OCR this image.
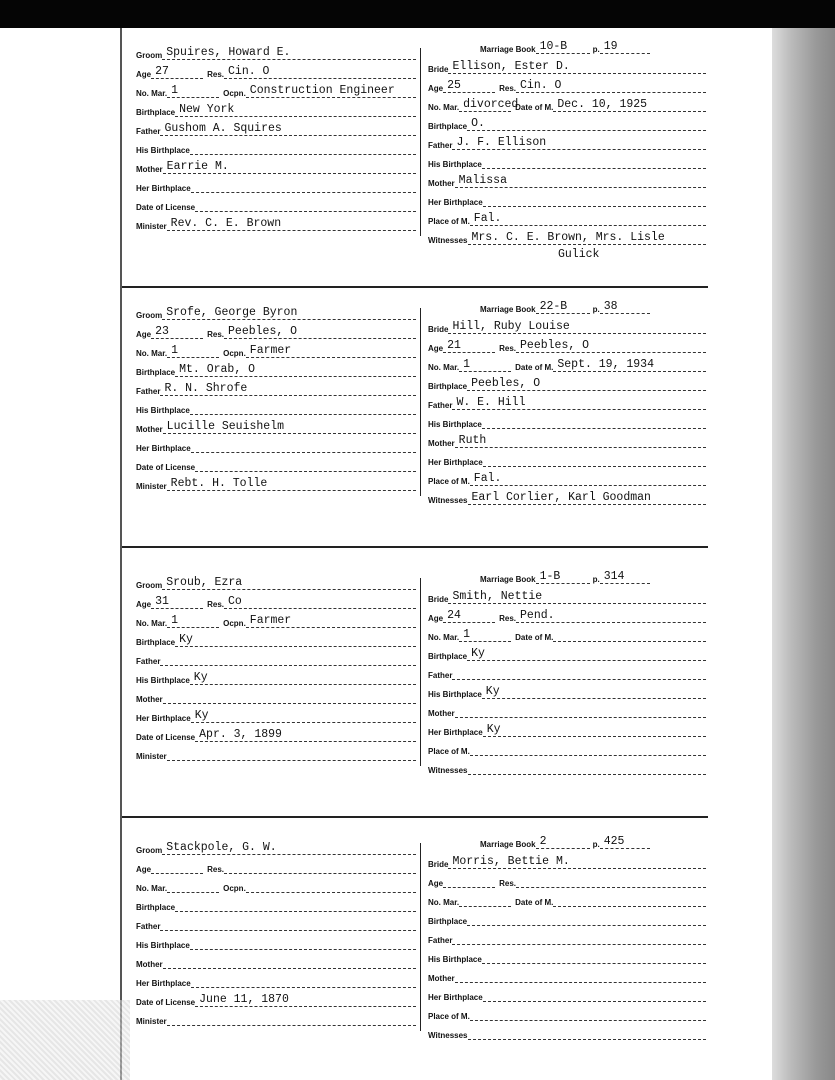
Groom Spuires, Howard E.
Age 27	Res. Cin. O
No. Mar. 1	Ocpn. Construction Engineer
Birthplace New York
Father Gushom A. Squires
His Birthplace
Mother Earrie M.
Her Birthplace
Date of License
Minister Rev. C. E. Brown
Marriage Book 10-B	p. 19
Bride Ellison, Ester D.
Age 25	Res. Cin. O
No. Mar. divorced
Date of M. Dec. 10, 1925
Birthplace O.
Father J. F. Ellison
His Birthplace
Mother Malissa
Her Birthplace
Place of M. Fal.
Witnesses Mrs. C. E. Brown, Mrs. Lisle
Gulick
Groom Srofe, George Byron
Age 23	Res. Peebles, O
No. Mar. 1	Ocpn. Farmer
Birthplace Mt. Orab, O
Father R. N. Shrofe
His Birthplace
Mother Lucille Seuishelm
Her Birthplace
Date of License
Minister Rebt. H. Tolle
Marriage Book 22-B	p. 38
Bride Hill, Ruby Louise
Age 21	Res. Peebles, O
No. Mar. 1	Date of M. Sept. 19, 1934
Birthplace Peebles, O
Father W. E. Hill
His Birthplace
Mother Ruth
Her Birthplace
Place of M. Fal.
Witnesses Earl Corlier, Karl Goodman
Groom Sroub, Ezra
Age 31	Res. Co
No. Mar. 1	Ocpn. Farmer
Birthplace Ky
Father
His Birthplace Ky
Mother
Her Birthplace Ky
Date of License Apr. 3, 1899
Minister
Marriage Book 1-B	p. 314
Bride Smith, Nettie
Age 24	Res. Pend.
No. Mar. 1	Date of M.
Birthplace Ky
Father
His Birthplace Ky
Mother
Her Birthplace Ky
Place of M.
Witnesses
Groom Stackpole, G. W.
Age	Res.
No. Mar.	Ocpn.
Birthplace
Father
His Birthplace
Mother
Her Birthplace
Date of License June 11, 1870
Minister
Marriage Book 2	p. 425
Bride Morris, Bettie M.
Age	Res.
No. Mar.	Date of M.
Birthplace
Father
His Birthplace
Mother
Her Birthplace
Place of M.
Witnesses
